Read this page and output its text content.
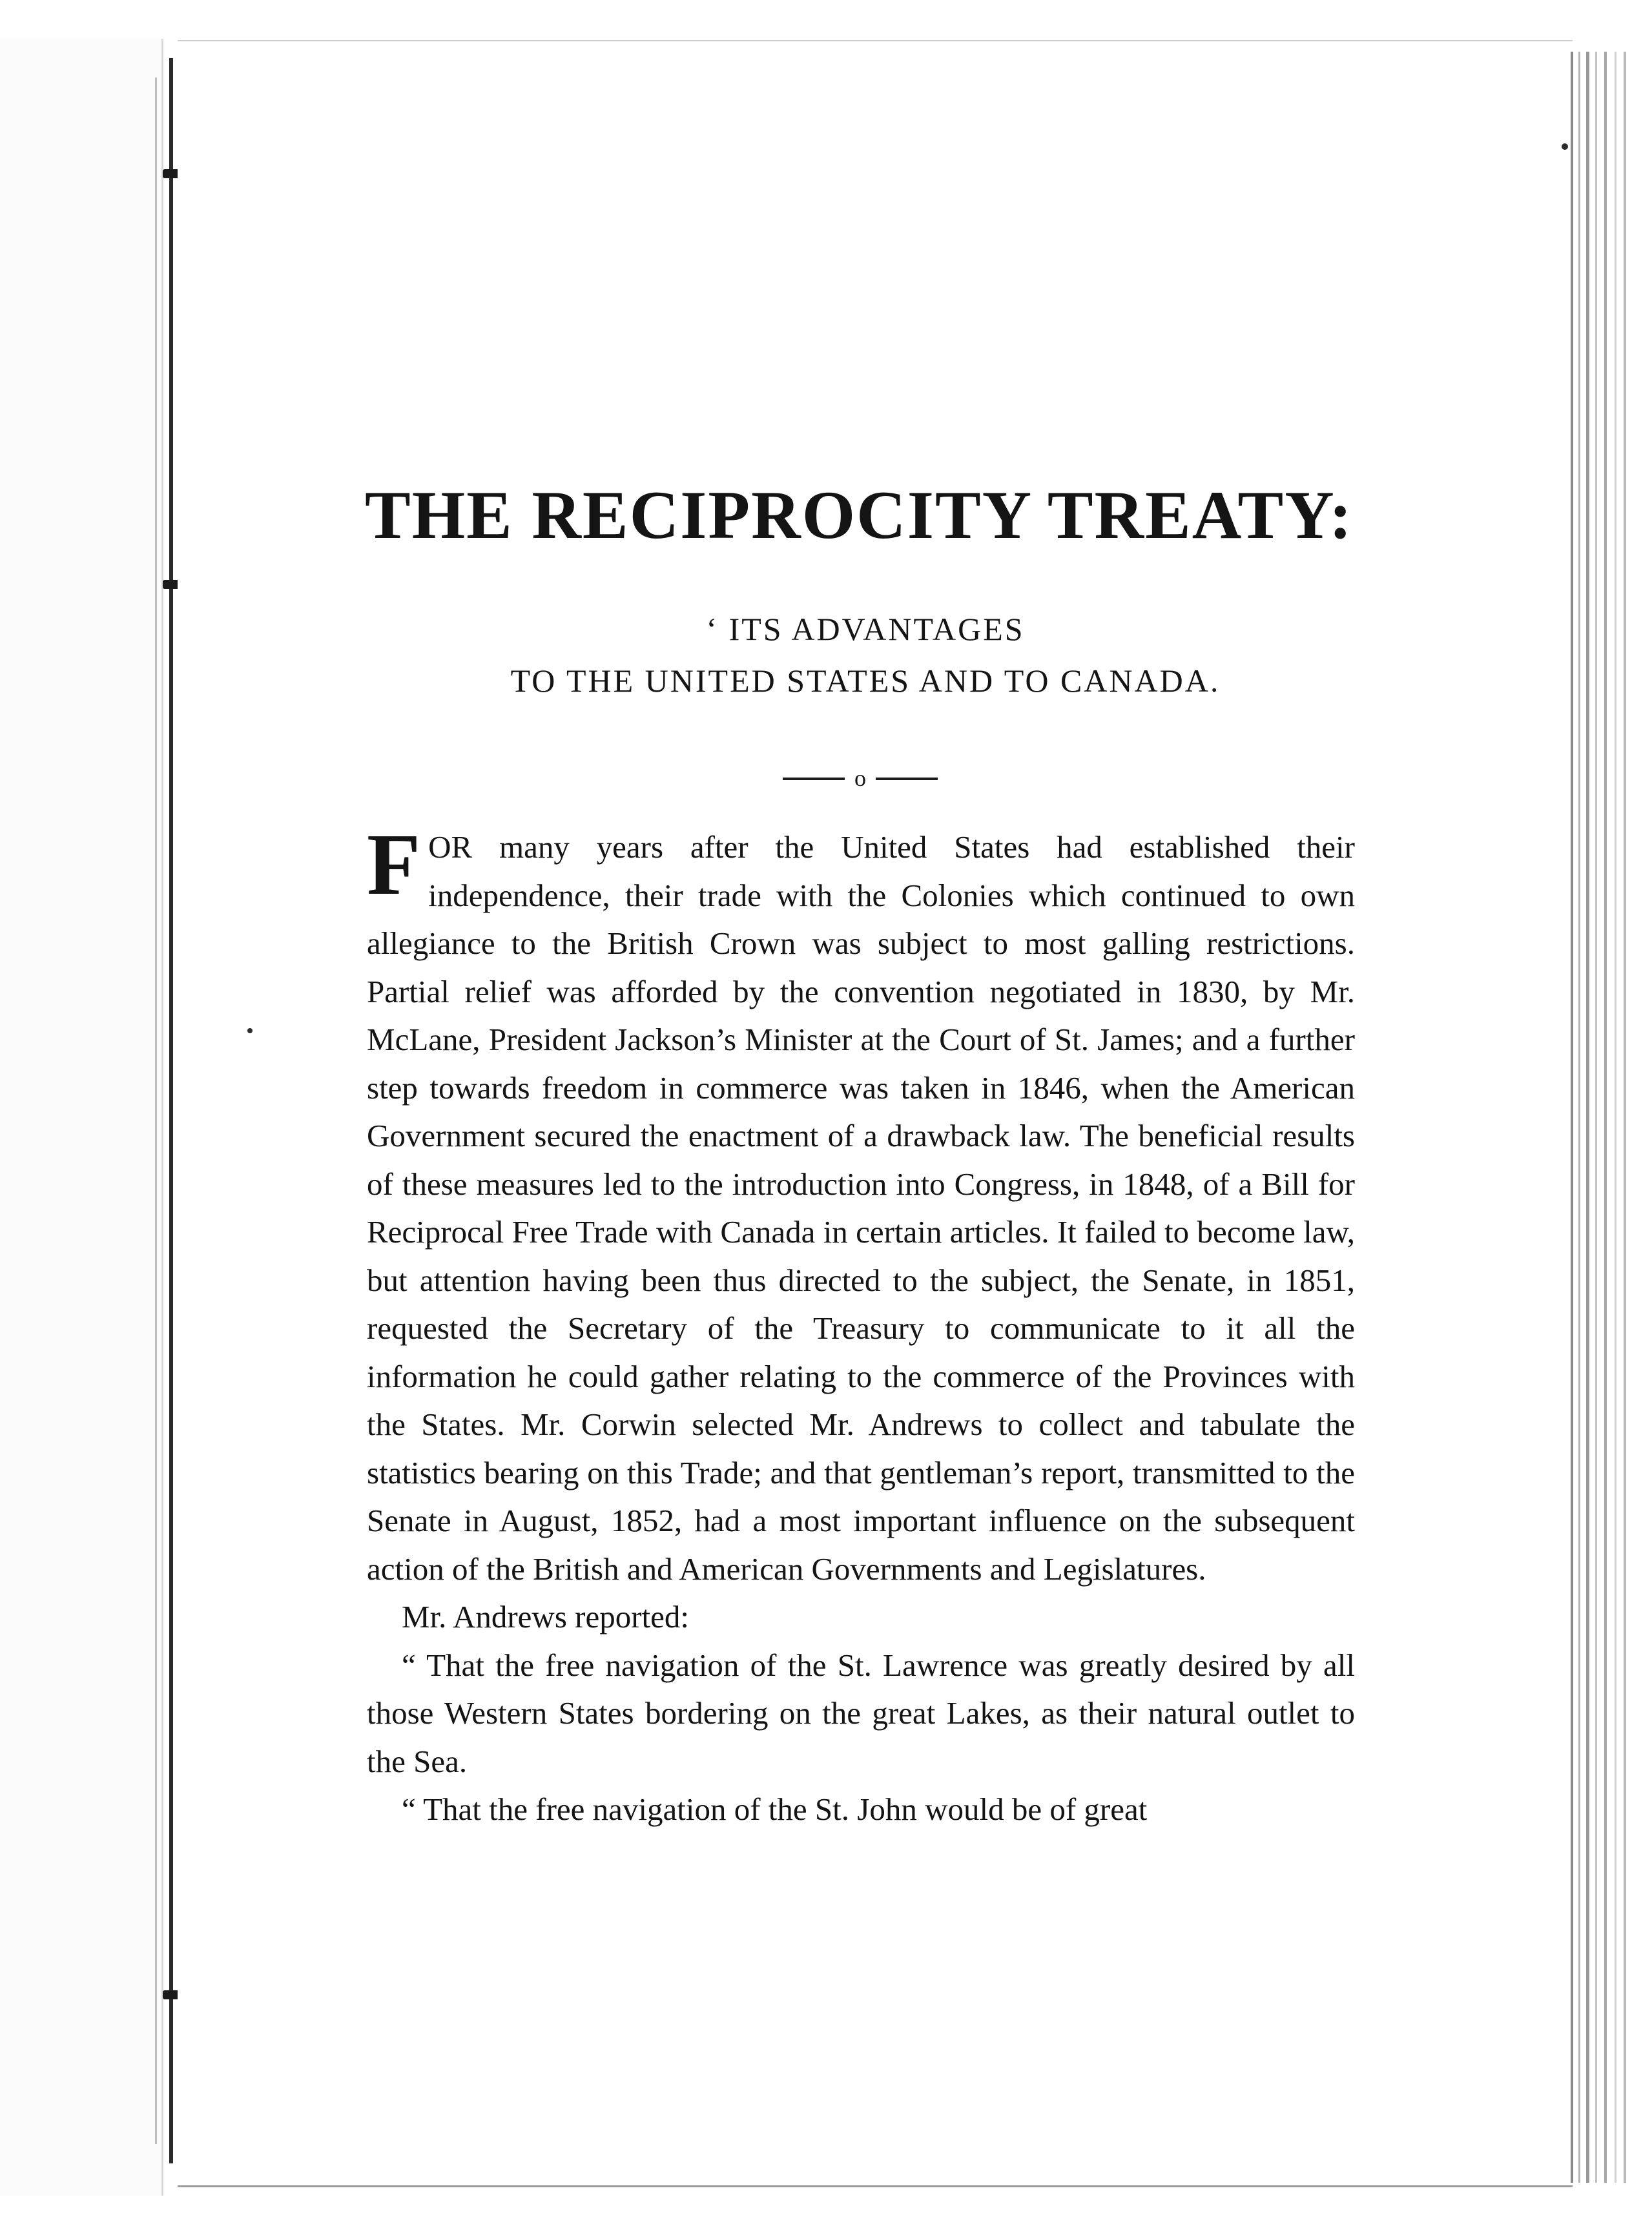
THE RECIPROCITY TREATY:
‘ ITS ADVANTAGES
TO THE UNITED STATES AND TO CANADA.
o

FOR many years after the United States had established their independence, their trade with the Colonies which continued to own allegiance to the British Crown was subject to most galling restrictions. Partial relief was afforded by the convention negotiated in 1830, by Mr. McLane, President Jackson’s Minister at the Court of St. James; and a further step towards freedom in commerce was taken in 1846, when the American Government secured the enactment of a drawback law. The beneficial results of these measures led to the introduction into Congress, in 1848, of a Bill for Reciprocal Free Trade with Canada in certain articles. It failed to become law, but attention having been thus directed to the subject, the Senate, in 1851, requested the Secretary of the Treasury to communicate to it all the information he could gather relating to the commerce of the Provinces with the States. Mr. Corwin selected Mr. Andrews to collect and tabulate the statistics bearing on this Trade; and that gentleman’s report, transmitted to the Senate in August, 1852, had a most important influence on the subsequent action of the British and American Governments and Legislatures.

Mr. Andrews reported:

“ That the free navigation of the St. Lawrence was greatly desired by all those Western States bordering on the great Lakes, as their natural outlet to the Sea.

“ That the free navigation of the St. John would be of great
